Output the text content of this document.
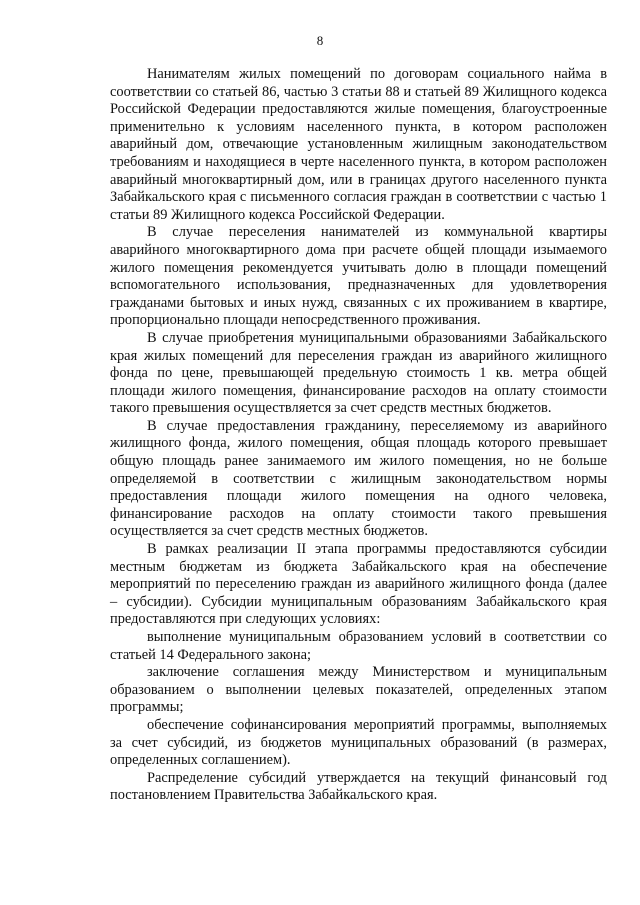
8

Нанимателям жилых помещений по договорам социального найма в соответствии со статьей 86, частью 3 статьи 88 и статьей 89 Жилищного кодекса Российской Федерации предоставляются жилые помещения, благоустроенные применительно к условиям населенного пункта, в котором расположен аварийный дом, отвечающие установленным жилищным законодательством требованиям и находящиеся в черте населенного пункта, в котором расположен аварийный многоквартирный дом, или в границах другого населенного пункта Забайкальского края с письменного согласия граждан в соответствии с частью 1 статьи 89 Жилищного кодекса Российской Федерации.

В случае переселения нанимателей из коммунальной квартиры аварийного многоквартирного дома при расчете общей площади изымаемого жилого помещения рекомендуется учитывать долю в площади помещений вспомогательного использования, предназначенных для удовлетворения гражданами бытовых и иных нужд, связанных с их проживанием в квартире, пропорционально площади непосредственного проживания.

В случае приобретения муниципальными образованиями Забайкальского края жилых помещений для переселения граждан из аварийного жилищного фонда по цене, превышающей предельную стоимость 1 кв. метра общей площади жилого помещения, финансирование расходов на оплату стоимости такого превышения осуществляется за счет средств местных бюджетов.

В случае предоставления гражданину, переселяемому из аварийного жилищного фонда, жилого помещения, общая площадь которого превышает общую площадь ранее занимаемого им жилого помещения, но не больше определяемой в соответствии с жилищным законодательством нормы предоставления площади жилого помещения на одного человека, финансирование расходов на оплату стоимости такого превышения осуществляется за счет средств местных бюджетов.

В рамках реализации II этапа программы предоставляются субсидии местным бюджетам из бюджета Забайкальского края на обеспечение мероприятий по переселению граждан из аварийного жилищного фонда (далее – субсидии). Субсидии муниципальным образованиям Забайкальского края предоставляются при следующих условиях:

выполнение муниципальным образованием условий в соответствии со статьей 14 Федерального закона;

заключение соглашения между Министерством и муниципальным образованием о выполнении целевых показателей, определенных этапом программы;

обеспечение софинансирования мероприятий программы, выполняемых за счет субсидий, из бюджетов муниципальных образований (в размерах, определенных соглашением).

Распределение субсидий утверждается на текущий финансовый год постановлением Правительства Забайкальского края.
